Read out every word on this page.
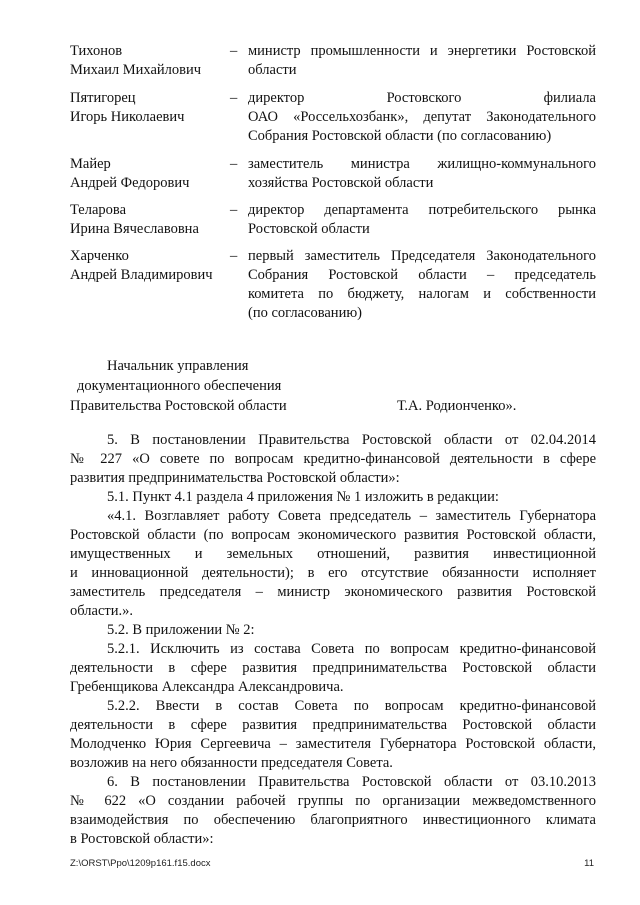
Тихонов
Михаил Михайлович
– министр промышленности и энергетики Ростовской
области
Пятигорец
Игорь Николаевич
– директор Ростовского филиала
ОАО «Россельхозбанк», депутат Законодательного
Собрания Ростовской области (по согласованию)
Майер
Андрей Федорович
– заместитель министра жилищно-коммунального
хозяйства Ростовской области
Теларова
Ирина Вячеславовна
– директор департамента потребительского рынка
Ростовской области
Харченко
Андрей Владимирович
– первый заместитель Председателя Законодательного
Собрания Ростовской области – председатель
комитета по бюджету, налогам и собственности
(по согласованию)
Начальник управления
документационного обеспечения
Правительства Ростовской области	Т.А. Родионченко».
5. В постановлении Правительства Ростовской области от 02.04.2014
№ 227 «О совете по вопросам кредитно-финансовой деятельности в сфере
развития предпринимательства Ростовской области»:
5.1. Пункт 4.1 раздела 4 приложения № 1 изложить в редакции:
«4.1. Возглавляет работу Совета председатель – заместитель Губернатора
Ростовской области (по вопросам экономического развития Ростовской области,
имущественных и земельных отношений, развития инвестиционной
и инновационной деятельности); в его отсутствие обязанности исполняет
заместитель председателя – министр экономического развития Ростовской
области.».
5.2. В приложении № 2:
5.2.1. Исключить из состава Совета по вопросам кредитно-финансовой
деятельности в сфере развития предпринимательства Ростовской области
Гребенщикова Александра Александровича.
5.2.2. Ввести в состав Совета по вопросам кредитно-финансовой
деятельности в сфере развития предпринимательства Ростовской области
Молодченко Юрия Сергеевича – заместителя Губернатора Ростовской области,
возложив на него обязанности председателя Совета.
6. В постановлении Правительства Ростовской области от 03.10.2013
№ 622 «О создании рабочей группы по организации межведомственного
взаимодействия по обеспечению благоприятного инвестиционного климата
в Ростовской области»:
Z:\ORST\Ppo\1209p161.f15.docx	11
